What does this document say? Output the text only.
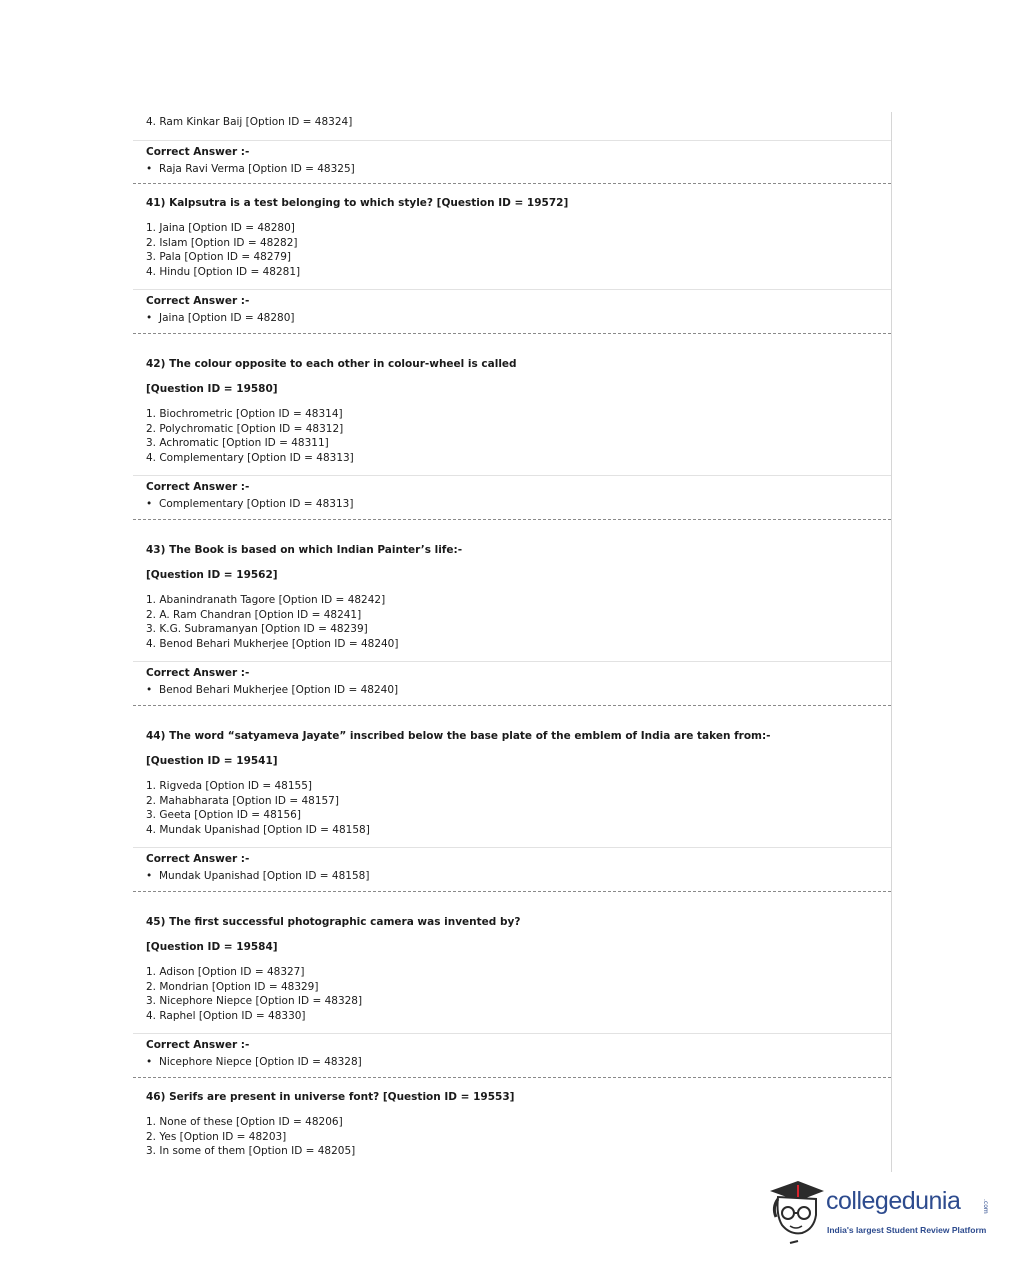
4. Ram Kinkar Baij [Option ID = 48324]
Correct Answer :-
• Raja Ravi Verma [Option ID = 48325]
41) Kalpsutra is a test belonging to which style? [Question ID = 19572]
1. Jaina [Option ID = 48280]
2. Islam [Option ID = 48282]
3. Pala [Option ID = 48279]
4. Hindu [Option ID = 48281]
Correct Answer :-
• Jaina [Option ID = 48280]
42) The colour opposite to each other in colour-wheel is called
[Question ID = 19580]
1. Biochrometric [Option ID = 48314]
2. Polychromatic [Option ID = 48312]
3. Achromatic [Option ID = 48311]
4. Complementary [Option ID = 48313]
Correct Answer :-
• Complementary [Option ID = 48313]
43) The Book is based on which Indian Painter’s life:-
[Question ID = 19562]
1. Abanindranath Tagore [Option ID = 48242]
2. A. Ram Chandran [Option ID = 48241]
3. K.G. Subramanyan [Option ID = 48239]
4. Benod Behari Mukherjee [Option ID = 48240]
Correct Answer :-
• Benod Behari Mukherjee [Option ID = 48240]
44) The word “satyameva Jayate” inscribed below the base plate of the emblem of India are taken from:-
[Question ID = 19541]
1. Rigveda [Option ID = 48155]
2. Mahabharata [Option ID = 48157]
3. Geeta [Option ID = 48156]
4. Mundak Upanishad [Option ID = 48158]
Correct Answer :-
• Mundak Upanishad [Option ID = 48158]
45) The first successful photographic camera was invented by?
[Question ID = 19584]
1. Adison [Option ID = 48327]
2. Mondrian [Option ID = 48329]
3. Nicephore Niepce [Option ID = 48328]
4. Raphel [Option ID = 48330]
Correct Answer :-
• Nicephore Niepce [Option ID = 48328]
46) Serifs are present in universe font? [Question ID = 19553]
1. None of these [Option ID = 48206]
2. Yes [Option ID = 48203]
3. In some of them [Option ID = 48205]
collegedunia	.com
India's largest Student Review Platform
